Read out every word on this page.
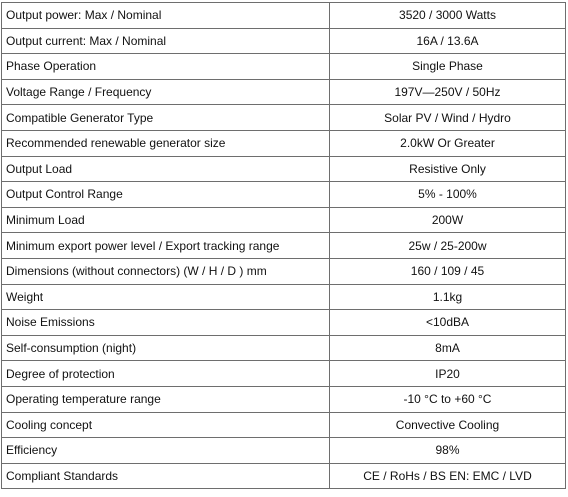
Output power: Max / Nominal	3520 / 3000 Watts
Output current: Max / Nominal	16A / 13.6A
Phase Operation	Single Phase
Voltage Range / Frequency	197V—250V / 50Hz
Compatible Generator Type	Solar PV / Wind / Hydro
Recommended renewable generator size	2.0kW Or Greater
Output Load	Resistive Only
Output Control Range	5% - 100%
Minimum Load	200W
Minimum export power level / Export tracking range	25w / 25-200w
Dimensions (without connectors) (W / H / D ) mm	160 / 109 / 45
Weight	1.1kg
Noise Emissions	<10dBA
Self-consumption (night)	8mA
Degree of protection	IP20
Operating temperature range	-10 °C to +60 °C
Cooling concept	Convective Cooling
Efficiency	98%
Compliant Standards	CE / RoHs / BS EN: EMC / LVD
